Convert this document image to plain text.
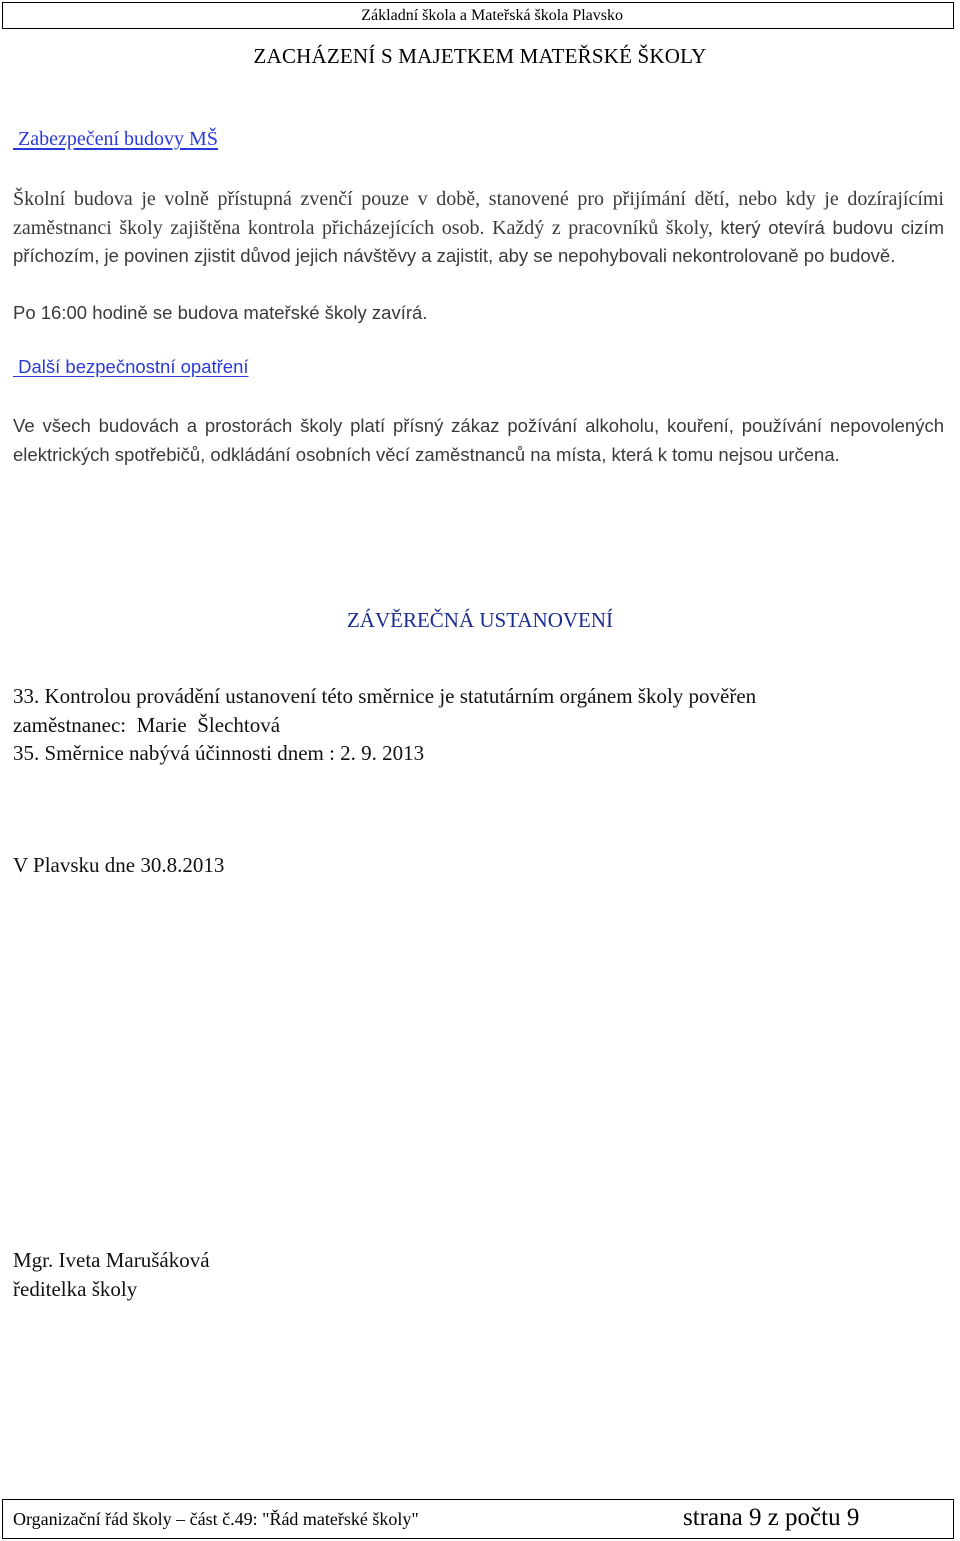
Základní škola a Mateřská škola Plavsko
ZACHÁZENÍ S MAJETKEM MATEŘSKÉ ŠKOLY
Zabezpečení budovy MŠ

Školní budova je volně přístupná zvenčí pouze v době, stanovené pro přijímání dětí, nebo kdy je dozírajícími zaměstnanci školy zajištěna kontrola přicházejících osob. Každý z pracovníků školy, který otevírá budovu cizím příchozím, je povinen zjistit důvod jejich návštěvy a zajistit, aby se nepohybovali nekontrolovaně po budově.

Po 16:00 hodině se budova mateřské školy zavírá.
Další bezpečnostní opatření

Ve všech budovách a prostorách školy platí přísný zákaz požívání alkoholu, kouření, používání nepovolených elektrických spotřebičů, odkládání osobních věcí zaměstnanců na místa, která k tomu nejsou určena.

ZÁVĚREČNÁ USTANOVENÍ
33. Kontrolou provádění ustanovení této směrnice je statutárním orgánem školy pověřen
zaměstnanec:  Marie  Šlechtová
35. Směrnice nabývá účinnosti dnem : 2. 9. 2013
V Plavsku dne 30.8.2013
Mgr. Iveta Marušáková
ředitelka školy
Organizační řád školy – část č.49: "Řád mateřské školy"	strana 9 z počtu 9
